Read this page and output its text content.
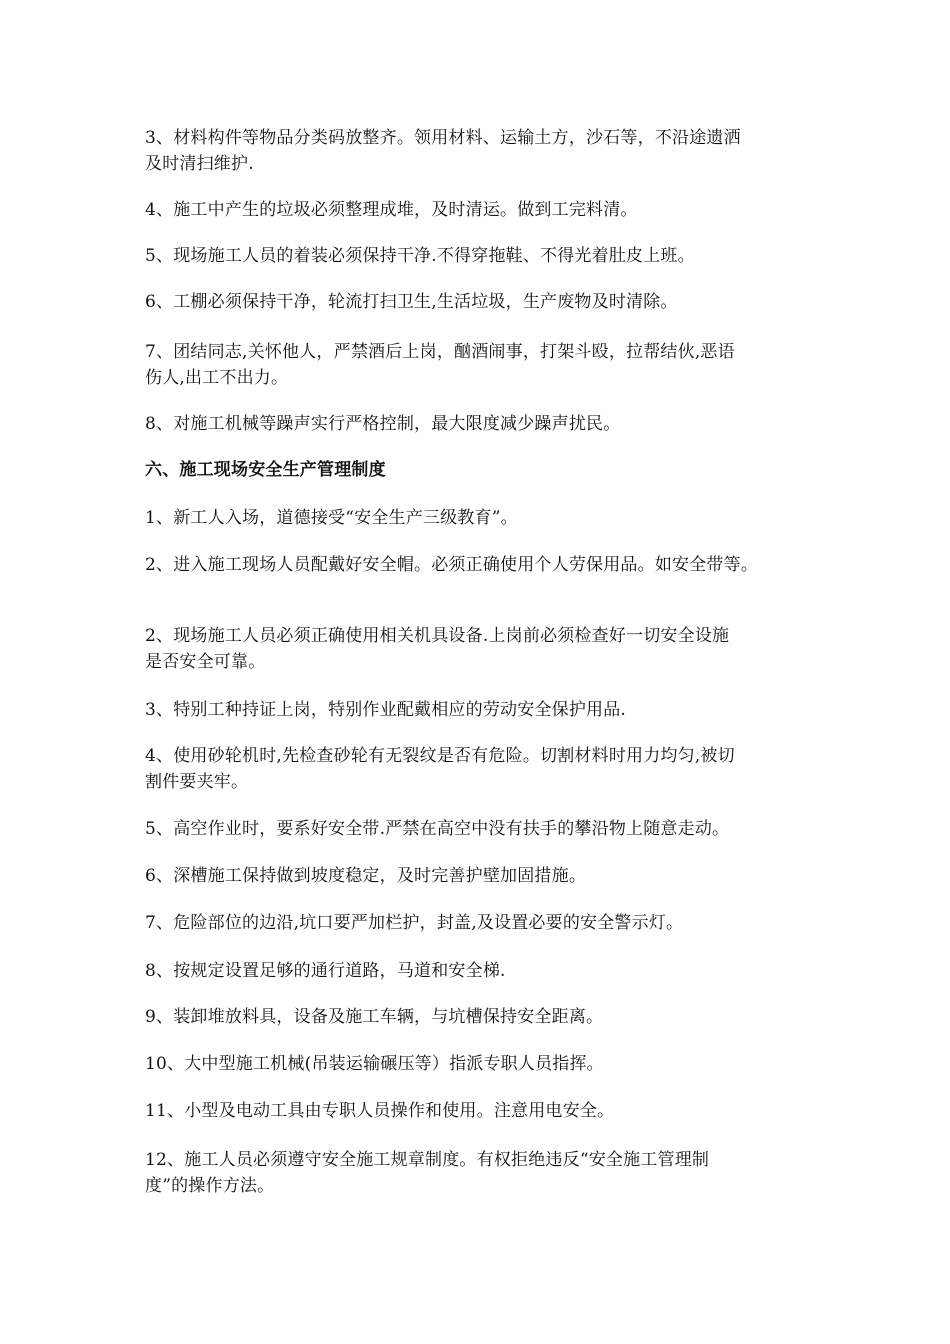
3、材料构件等物品分类码放整齐。领用材料、运输土方，沙石等，不沿途遗洒
及时清扫维护.
4、施工中产生的垃圾必须整理成堆，及时清运。做到工完料清。
5、现场施工人员的着装必须保持干净.不得穿拖鞋、不得光着肚皮上班。
6、工棚必须保持干净，轮流打扫卫生,生活垃圾，生产废物及时清除。
7、团结同志,关怀他人，严禁酒后上岗，酗酒闹事，打架斗殴，拉帮结伙,恶语
伤人,出工不出力。
8、对施工机械等躁声实行严格控制，最大限度减少躁声扰民。
六、施工现场安全生产管理制度
1、新工人入场，道德接受“安全生产三级教育”。
2、进入施工现场人员配戴好安全帽。必须正确使用个人劳保用品。如安全带等。
2、现场施工人员必须正确使用相关机具设备.上岗前必须检查好一切安全设施
是否安全可靠。
3、特别工种持证上岗，特别作业配戴相应的劳动安全保护用品.
4、使用砂轮机时,先检查砂轮有无裂纹是否有危险。切割材料时用力均匀,被切
割件要夹牢。
5、高空作业时，要系好安全带.严禁在高空中没有扶手的攀沿物上随意走动。
6、深槽施工保持做到坡度稳定，及时完善护壁加固措施。
7、危险部位的边沿,坑口要严加栏护，封盖,及设置必要的安全警示灯。
8、按规定设置足够的通行道路，马道和安全梯.
9、装卸堆放料具，设备及施工车辆，与坑槽保持安全距离。
10、大中型施工机械(吊装运输碾压等）指派专职人员指挥。
11、小型及电动工具由专职人员操作和使用。注意用电安全。
12、施工人员必须遵守安全施工规章制度。有权拒绝违反“安全施工管理制
度”的操作方法。
